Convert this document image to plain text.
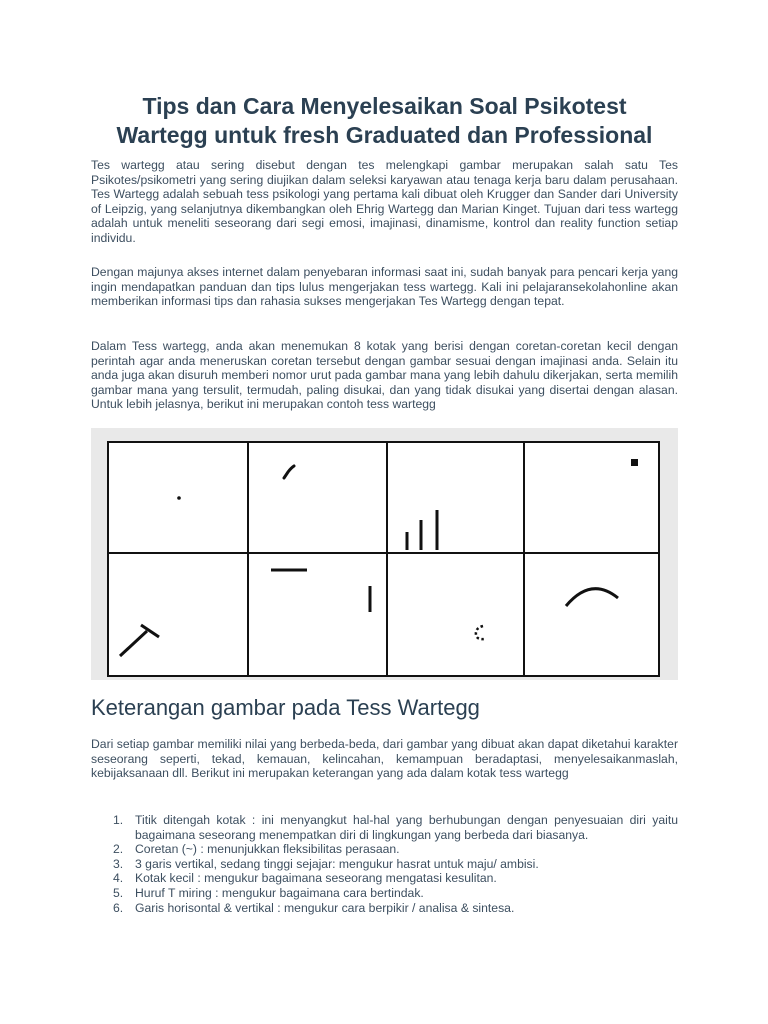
Tips dan Cara Menyelesaikan Soal Psikotest
Wartegg untuk fresh Graduated dan Professional

Tes wartegg atau sering disebut dengan tes melengkapi gambar merupakan salah satu Tes Psikotes/psikometri yang sering diujikan dalam seleksi karyawan atau tenaga kerja baru dalam perusahaan. Tes Wartegg adalah sebuah tess psikologi yang pertama kali dibuat oleh Krugger dan Sander dari University of Leipzig, yang selanjutnya dikembangkan oleh Ehrig Wartegg dan Marian Kinget. Tujuan dari tess wartegg adalah untuk meneliti seseorang dari segi emosi, imajinasi, dinamisme, kontrol dan reality function setiap individu.

Dengan majunya akses internet dalam penyebaran informasi saat ini, sudah banyak para pencari kerja yang ingin mendapatkan panduan dan tips lulus mengerjakan tess wartegg. Kali ini pelajaransekolahonline akan memberikan informasi tips dan rahasia sukses mengerjakan Tes Wartegg dengan tepat.

Dalam Tess wartegg, anda akan menemukan 8 kotak yang berisi dengan coretan-coretan kecil dengan perintah agar anda meneruskan coretan tersebut dengan gambar sesuai dengan imajinasi anda. Selain itu anda juga akan disuruh memberi nomor urut pada gambar mana yang lebih dahulu dikerjakan, serta memilih gambar mana yang tersulit, termudah, paling disukai, dan yang tidak disukai yang disertai dengan alasan. Untuk lebih jelasnya, berikut ini merupakan contoh tess wartegg

Keterangan gambar pada Tess Wartegg

Dari setiap gambar memiliki nilai yang berbeda-beda, dari gambar yang dibuat akan dapat diketahui karakter seseorang seperti, tekad, kemauan, kelincahan, kemampuan beradaptasi, menyelesaikanmaslah, kebijaksanaan dll. Berikut ini merupakan keterangan yang ada dalam kotak tess wartegg

1. Titik ditengah kotak : ini menyangkut hal-hal yang berhubungan dengan penyesuaian diri yaitu bagaimana seseorang menempatkan diri di lingkungan yang berbeda dari biasanya.
2. Coretan (~) : menunjukkan fleksibilitas perasaan.
3. 3 garis vertikal, sedang tinggi sejajar: mengukur hasrat untuk maju/ ambisi.
4. Kotak kecil : mengukur bagaimana seseorang mengatasi kesulitan.
5. Huruf T miring : mengukur bagaimana cara bertindak.
6. Garis horisontal & vertikal : mengukur cara berpikir / analisa & sintesa.
